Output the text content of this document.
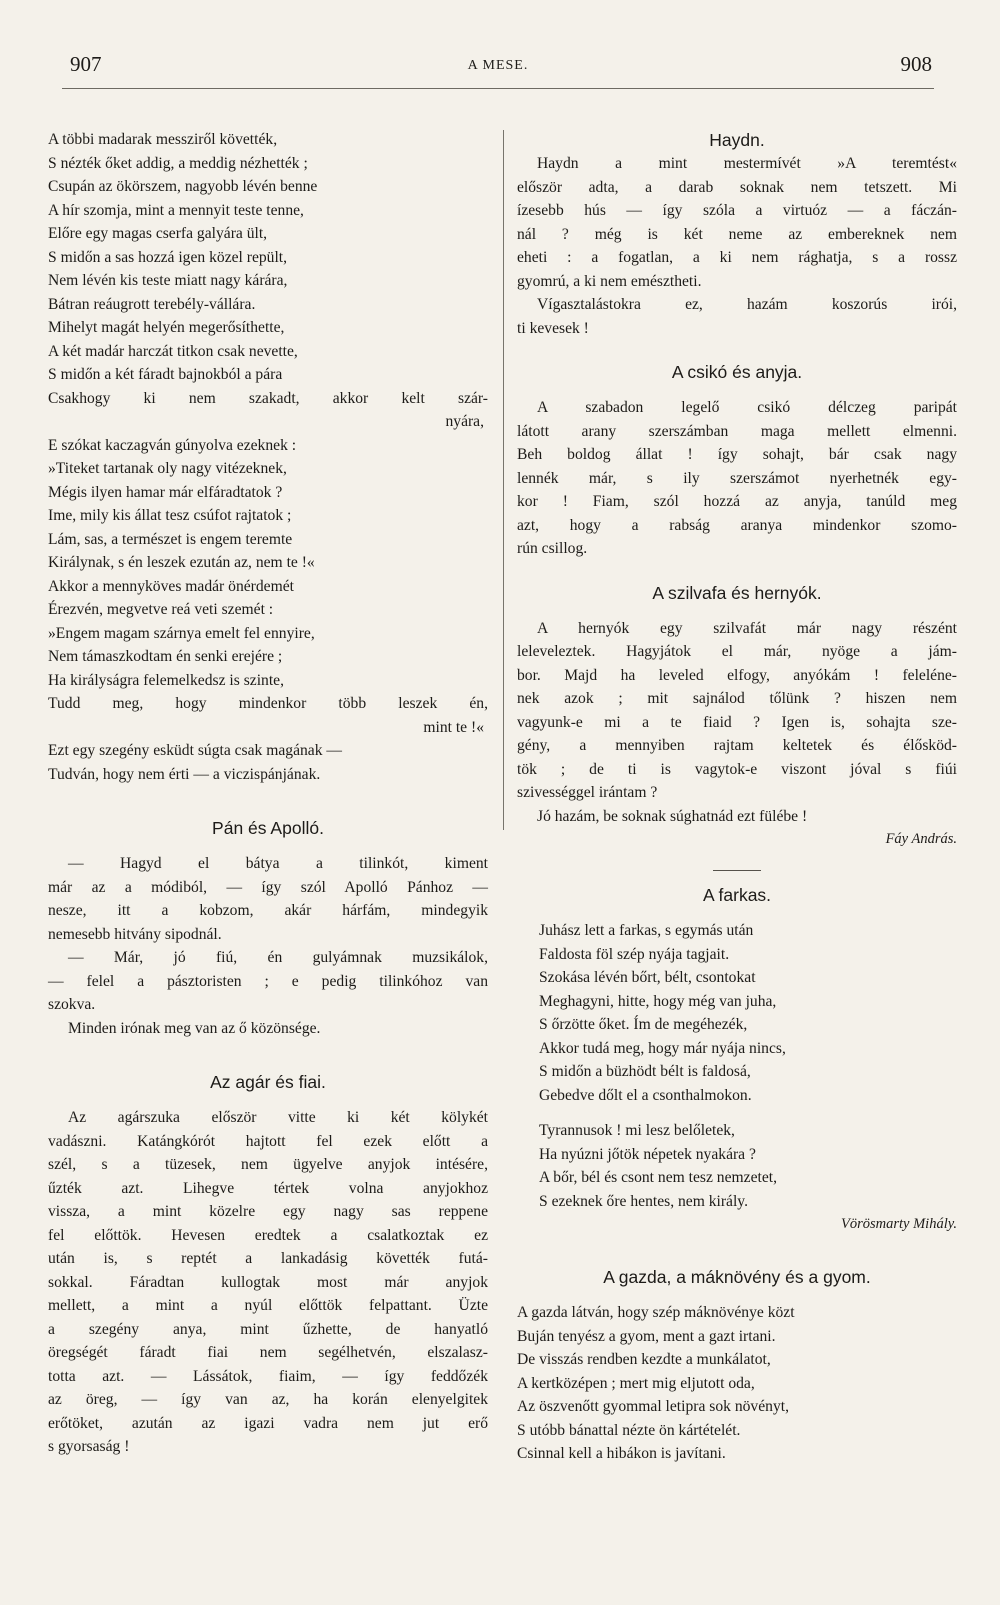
907	A MESE.	908
A többi madarak messziről követték,
S nézték őket addig, a meddig nézhették ;
Csupán az ökörszem, nagyobb lévén benne
A hír szomja, mint a mennyit teste tenne,
Előre egy magas cserfa galyára ült,
S midőn a sas hozzá igen közel repült,
Nem lévén kis teste miatt nagy kárára,
Bátran reáugrott terebély-vállára.
Mihelyt magát helyén megerősíthette,
A két madár harczát titkon csak nevette,
S midőn a két fáradt bajnokból a pára
Csakhogy ki nem szakadt, akkor kelt szár-
nyára,
E szókat kaczagván gúnyolva ezeknek :
»Titeket tartanak oly nagy vitézeknek,
Mégis ilyen hamar már elfáradtatok ?
Ime, mily kis állat tesz csúfot rajtatok ;
Lám, sas, a természet is engem teremte
Királynak, s én leszek ezután az, nem te !«
Akkor a mennyköves madár önérdemét
Érezvén, megvetve reá veti szemét :
»Engem magam szárnya emelt fel ennyire,
Nem támaszkodtam én senki erejére ;
Ha királyságra felemelkedsz is szinte,
Tudd meg, hogy mindenkor több leszek én,
mint te !«
Ezt egy szegény esküdt súgta csak magának —
Tudván, hogy nem érti — a viczispánjának.
Pán és Apolló.
— Hagyd el bátya a tilinkót, kiment
már az a módiból, — így szól Apolló Pánhoz —
nesze, itt a kobzom, akár hárfám, mindegyik
nemesebb hitvány sipodnál.
— Már, jó fiú, én gulyámnak muzsikálok,
— felel a pásztoristen ; e pedig tilinkóhoz van
szokva.
Minden irónak meg van az ő közönsége.
Az agár és fiai.
Az agárszuka először vitte ki két kölykét
vadászni. Katángkórót hajtott fel ezek előtt a
szél, s a tüzesek, nem ügyelve anyjok intésére,
űzték azt. Lihegve tértek volna anyjokhoz
vissza, a mint közelre egy nagy sas reppene
fel előttök. Hevesen eredtek a csalatkoztak ez
után is, s reptét a lankadásig követték futá-
sokkal. Fáradtan kullogtak most már anyjok
mellett, a mint a nyúl előttök felpattant. Üzte
a szegény anya, mint űzhette, de hanyatló
öregségét fáradt fiai nem segélhetvén, elszalasz-
totta azt. — Lássátok, fiaim, — így feddőzék
az öreg, — így van az, ha korán elenyelgitek
erőtöket, azután az igazi vadra nem jut erő
s gyorsaság !
Haydn.
Haydn a mint mestermívét »A teremtést«
először adta, a darab soknak nem tetszett. Mi
ízesebb hús — így szóla a virtuóz — a fáczán-
nál ? még is két neme az embereknek nem
eheti : a fogatlan, a ki nem rághatja, s a rossz
gyomrú, a ki nem emésztheti.
Vígasztalástokra ez, hazám koszorús irói,
ti kevesek !
A csikó és anyja.
A szabadon legelő csikó délczeg paripát
látott arany szerszámban maga mellett elmenni.
Beh boldog állat ! így sohajt, bár csak nagy
lennék már, s ily szerszámot nyerhetnék egy-
kor ! Fiam, szól hozzá az anyja, tanúld meg
azt, hogy a rabság aranya mindenkor szomo-
rún csillog.
A szilvafa és hernyók.
A hernyók egy szilvafát már nagy részént
leleveleztek. Hagyjátok el már, nyöge a jám-
bor. Majd ha leveled elfogy, anyókám ! feleléne-
nek azok ; mit sajnálod tőlünk ? hiszen nem
vagyunk-e mi a te fiaid ? Igen is, sohajta sze-
gény, a mennyiben rajtam keltetek és élősköd-
tök ; de ti is vagytok-e viszont jóval s fiúi
szivességgel irántam ?
Jó hazám, be soknak súghatnád ezt fülébe !
Fáy András.
A farkas.
Juhász lett a farkas, s egymás után
Faldosta föl szép nyája tagjait.
Szokása lévén bőrt, bélt, csontokat
Meghagyni, hitte, hogy még van juha,
S őrzötte őket. Ím de megéhezék,
Akkor tudá meg, hogy már nyája nincs,
S midőn a büzhödt bélt is faldosá,
Gebedve dőlt el a csonthalmokon.
Tyrannusok ! mi lesz belőletek,
Ha nyúzni jőtök népetek nyakára ?
A bőr, bél és csont nem tesz nemzetet,
S ezeknek őre hentes, nem király.
Vörösmarty Mihály.
A gazda, a máknövény és a gyom.
A gazda látván, hogy szép máknövénye közt
Buján tenyész a gyom, ment a gazt irtani.
De visszás rendben kezdte a munkálatot,
A kertközépen ; mert mig eljutott oda,
Az öszvenőtt gyommal letipra sok növényt,
S utóbb bánattal nézte ön kártételét.
Csinnal kell a hibákon is javítani.
